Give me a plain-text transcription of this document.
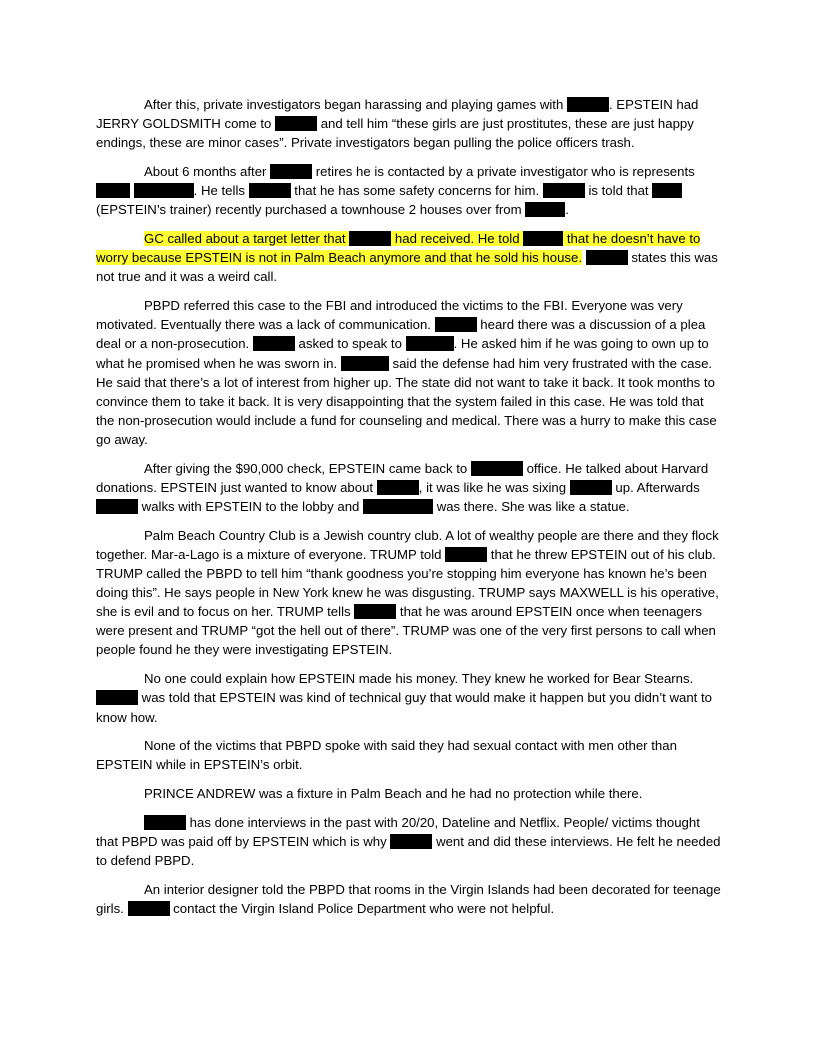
After this, private investigators began harassing and playing games with	. EPSTEIN had JERRY GOLDSMITH come to	and tell him “these girls are just prostitutes, these are just happy endings, these are minor cases”. Private investigators began pulling the police officers trash.

About 6 months after	retires he is contacted by a private investigator who is represents  . He tells	that he has some safety concerns for him.	is told that  (EPSTEIN’s trainer) recently purchased a townhouse 2 houses over from	.

GC called about a target letter that	had received. He told	that he doesn’t have to worry because EPSTEIN is not in Palm Beach anymore and that he sold his house.	states this was not true and it was a weird call.

PBPD referred this case to the FBI and introduced the victims to the FBI. Everyone was very motivated. Eventually there was a lack of communication.	heard there was a discussion of a plea deal or a non-prosecution.	asked to speak to	. He asked him if he was going to own up to what he promised when he was sworn in.	said the defense had him very frustrated with the case. He said that there’s a lot of interest from higher up. The state did not want to take it back. It took months to convince them to take it back. It is very disappointing that the system failed in this case. He was told that the non-prosecution would include a fund for counseling and medical. There was a hurry to make this case go away.

After giving the $90,000 check, EPSTEIN came back to	office. He talked about Harvard donations. EPSTEIN just wanted to know about	, it was like he was sixing	up. Afterwards  walks with EPSTEIN to the lobby and	was there. She was like a statue.

Palm Beach Country Club is a Jewish country club. A lot of wealthy people are there and they flock together. Mar-a-Lago is a mixture of everyone. TRUMP told	that he threw EPSTEIN out of his club. TRUMP called the PBPD to tell him “thank goodness you’re stopping him everyone has known he’s been doing this”. He says people in New York knew he was disgusting. TRUMP says MAXWELL is his operative, she is evil and to focus on her. TRUMP tells	that he was around EPSTEIN once when teenagers were present and TRUMP “got the hell out of there”. TRUMP was one of the very first persons to call when people found he they were investigating EPSTEIN.

No one could explain how EPSTEIN made his money. They knew he worked for Bear Stearns.  was told that EPSTEIN was kind of technical guy that would make it happen but you didn’t want to know how.

None of the victims that PBPD spoke with said they had sexual contact with men other than EPSTEIN while in EPSTEIN’s orbit.

PRINCE ANDREW was a fixture in Palm Beach and he had no protection while there.

has done interviews in the past with 20/20, Dateline and Netflix. People/ victims thought that PBPD was paid off by EPSTEIN which is why	went and did these interviews. He felt he needed to defend PBPD.

An interior designer told the PBPD that rooms in the Virgin Islands had been decorated for teenage girls.	contact the Virgin Island Police Department who were not helpful.
